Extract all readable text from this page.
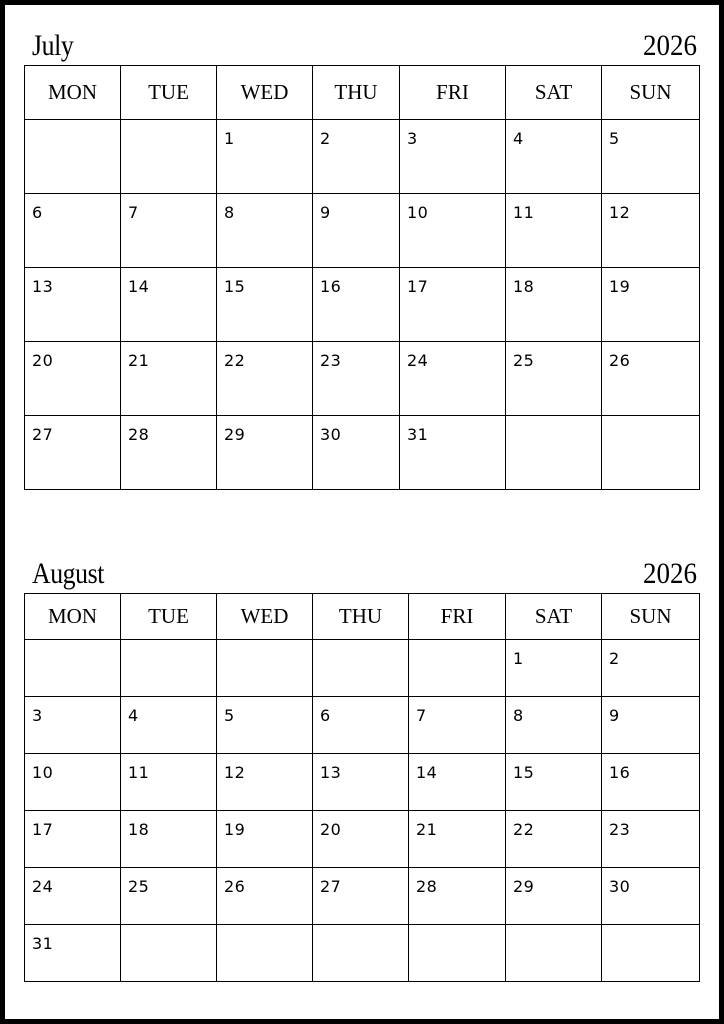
July	2026
MON	TUE	WED	THU	FRI	SAT	SUN

		1	2	3	4	5

6	7	8	9	10	11	12

13	14	15	16	17	18	19

20	21	22	23	24	25	26

27	28	29	30	31		

August	2026
MON	TUE	WED	THU	FRI	SAT	SUN

					1	2

3	4	5	6	7	8	9

10	11	12	13	14	15	16

17	18	19	20	21	22	23

24	25	26	27	28	29	30

31						
